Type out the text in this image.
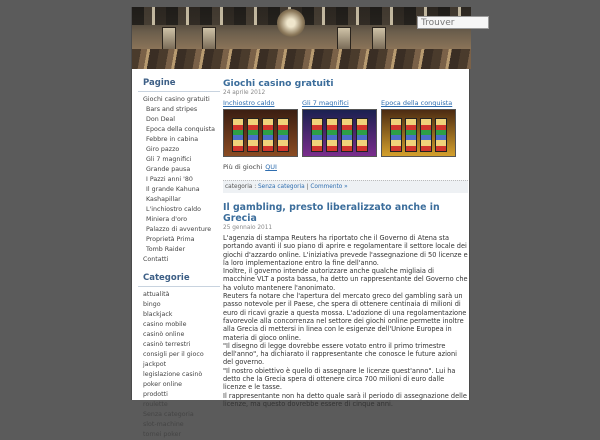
Pagine
Giochi casino gratuiti
Bars and stripes
Don Deal
Epoca della conquista
Febbre in cabina
Giro pazzo
Gli 7 magnifici
Grande pausa
I Pazzi anni '80
Il grande Kahuna
Kashapillar
L'inchiostro caldo
Miniera d'oro
Palazzo di avventure
Proprietà Prima
Tomb Raider
Contatti
Categorie
attualità
bingo
blackjack
casino mobile
casinò online
casinò terrestri
consigli per il gioco
jackpot
legislazione casinò
poker online
prodotti
roulette
Senza categoria
slot-machine
tornei poker
Giochi casino gratuiti
24 aprile 2012
Inchiostro caldo	Gli 7 magnifici	Epoca della conquista
Più di giochi QUI
categoria : Senza categoria | Commento »
Il gambling, presto liberalizzato anche in Grecia
25 gennaio 2011
L'agenzia di stampa Reuters ha riportato che il Governo di Atena sta portando avanti il suo piano di aprire e regolamentare il settore locale dei giochi d'azzardo online. L'iniziativa prevede l'assegnazione di 50 licenze e la loro implementazione entro la fine dell'anno.
Inoltre, il governo intende autorizzare anche qualche migliaia di macchine VLT a posta bassa, ha detto un rappresentante del Governo che ha voluto mantenere l'anonimato.
Reuters fa notare che l'apertura del mercato greco del gambling sarà un passo notevole per il Paese, che spera di ottenere centinaia di milioni di euro di ricavi grazie a questa mossa. L'adozione di una regolamentazione favorevole alla concorrenza nel settore dei giochi online permette inoltre alla Grecia di mettersi in linea con le esigenze dell'Unione Europea in materia di gioco online.
"Il disegno di legge dovrebbe essere votato entro il primo trimestre dell'anno", ha dichiarato il rappresentante che conosce le future azioni del governo.
"Il nostro obiettivo è quello di assegnare le licenze quest'anno". Lui ha detto che la Grecia spera di ottenere circa 700 milioni di euro dalle licenze e le tasse.
Il rappresentante non ha detto quale sarà il periodo di assegnazione delle licenze, ma questo dovrebbe essere di cinque anni.
Trouver
